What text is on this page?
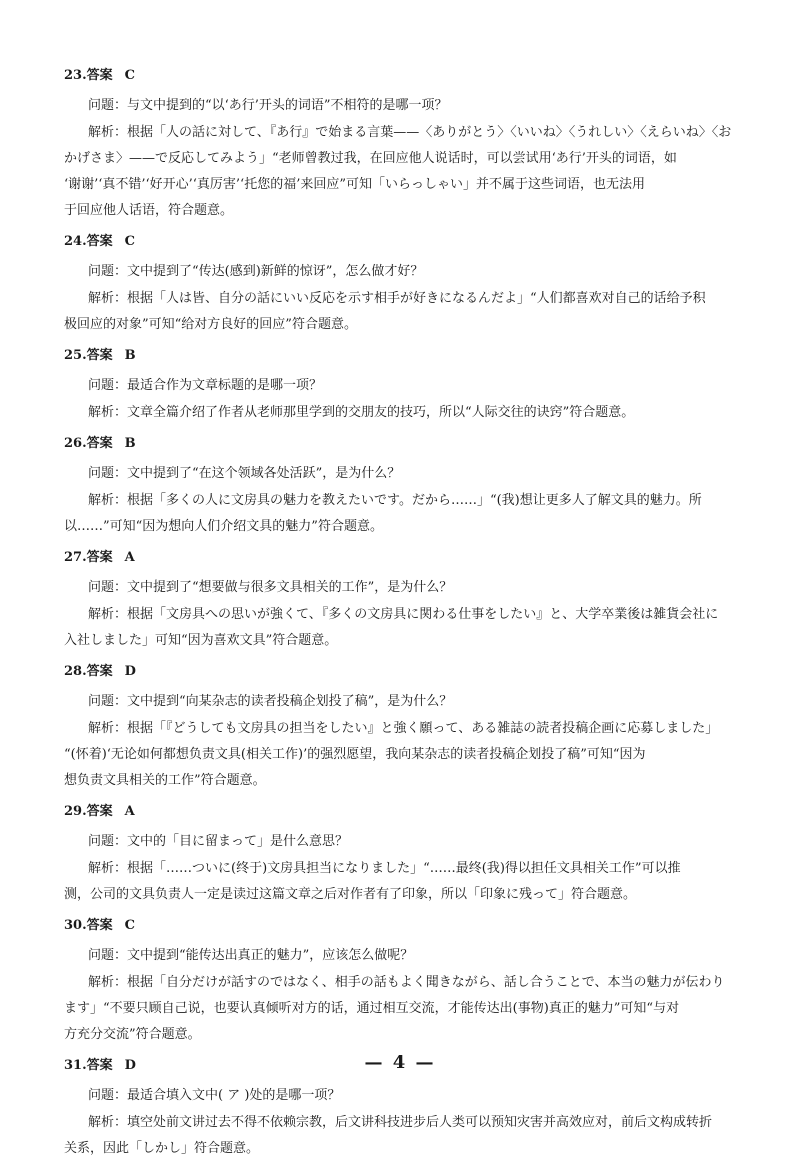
23.答案 C
问题：与文中提到的“以‘あ行’开头的词语”不相符的是哪一项？
解析：根据「人の話に対して、『あ行』で始まる言葉——〈ありがとう〉〈いいね〉〈うれしい〉〈えらいね〉〈お
かげさま〉——で反応してみよう」“老师曾教过我，在回应他人说话时，可以尝试用‘あ行’开头的词语，如
‘谢谢’‘真不错’‘好开心’‘真厉害’‘托您的福’来回应”可知「いらっしゃい」并不属于这些词语，也无法用
于回应他人话语，符合题意。
24.答案 C
问题：文中提到了“传达(感到)新鲜的惊讶”，怎么做才好？
解析：根据「人は皆、自分の話にいい反応を示す相手が好きになるんだよ」“人们都喜欢对自己的话给予积
极回应的对象”可知“给对方良好的回应”符合题意。
25.答案 B
问题：最适合作为文章标题的是哪一项？
解析：文章全篇介绍了作者从老师那里学到的交朋友的技巧，所以“人际交往的诀窍”符合题意。
26.答案 B
问题：文中提到了“在这个领域各处活跃”，是为什么？
解析：根据「多くの人に文房具の魅力を教えたいです。だから……」“(我)想让更多人了解文具的魅力。所
以……”可知“因为想向人们介绍文具的魅力”符合题意。
27.答案 A
问题：文中提到了“想要做与很多文具相关的工作”，是为什么？
解析：根据「文房具への思いが強くて、『多くの文房具に関わる仕事をしたい』と、大学卒業後は雑貨会社に
入社しました」可知“因为喜欢文具”符合题意。
28.答案 D
问题：文中提到“向某杂志的读者投稿企划投了稿”，是为什么？
解析：根据「『どうしても文房具の担当をしたい』と強く願って、ある雑誌の読者投稿企画に応募しました」
“(怀着)‘无论如何都想负责文具(相关工作)’的强烈愿望，我向某杂志的读者投稿企划投了稿”可知“因为
想负责文具相关的工作”符合题意。
29.答案 A
问题：文中的「目に留まって」是什么意思？
解析：根据「……ついに(终于)文房具担当になりました」“……最终(我)得以担任文具相关工作”可以推
测，公司的文具负责人一定是读过这篇文章之后对作者有了印象，所以「印象に残って」符合题意。
30.答案 C
问题：文中提到“能传达出真正的魅力”，应该怎么做呢？
解析：根据「自分だけが話すのではなく、相手の話もよく聞きながら、話し合うことで、本当の魅力が伝わり
ます」“不要只顾自己说，也要认真倾听对方的话，通过相互交流，才能传达出(事物)真正的魅力”可知“与对
方充分交流”符合题意。
31.答案 D
问题：最适合填入文中( ア )处的是哪一项？
解析：填空处前文讲过去不得不依赖宗教，后文讲科技进步后人类可以预知灾害并高效应对，前后文构成转折
关系，因此「しかし」符合题意。
— 4 —
